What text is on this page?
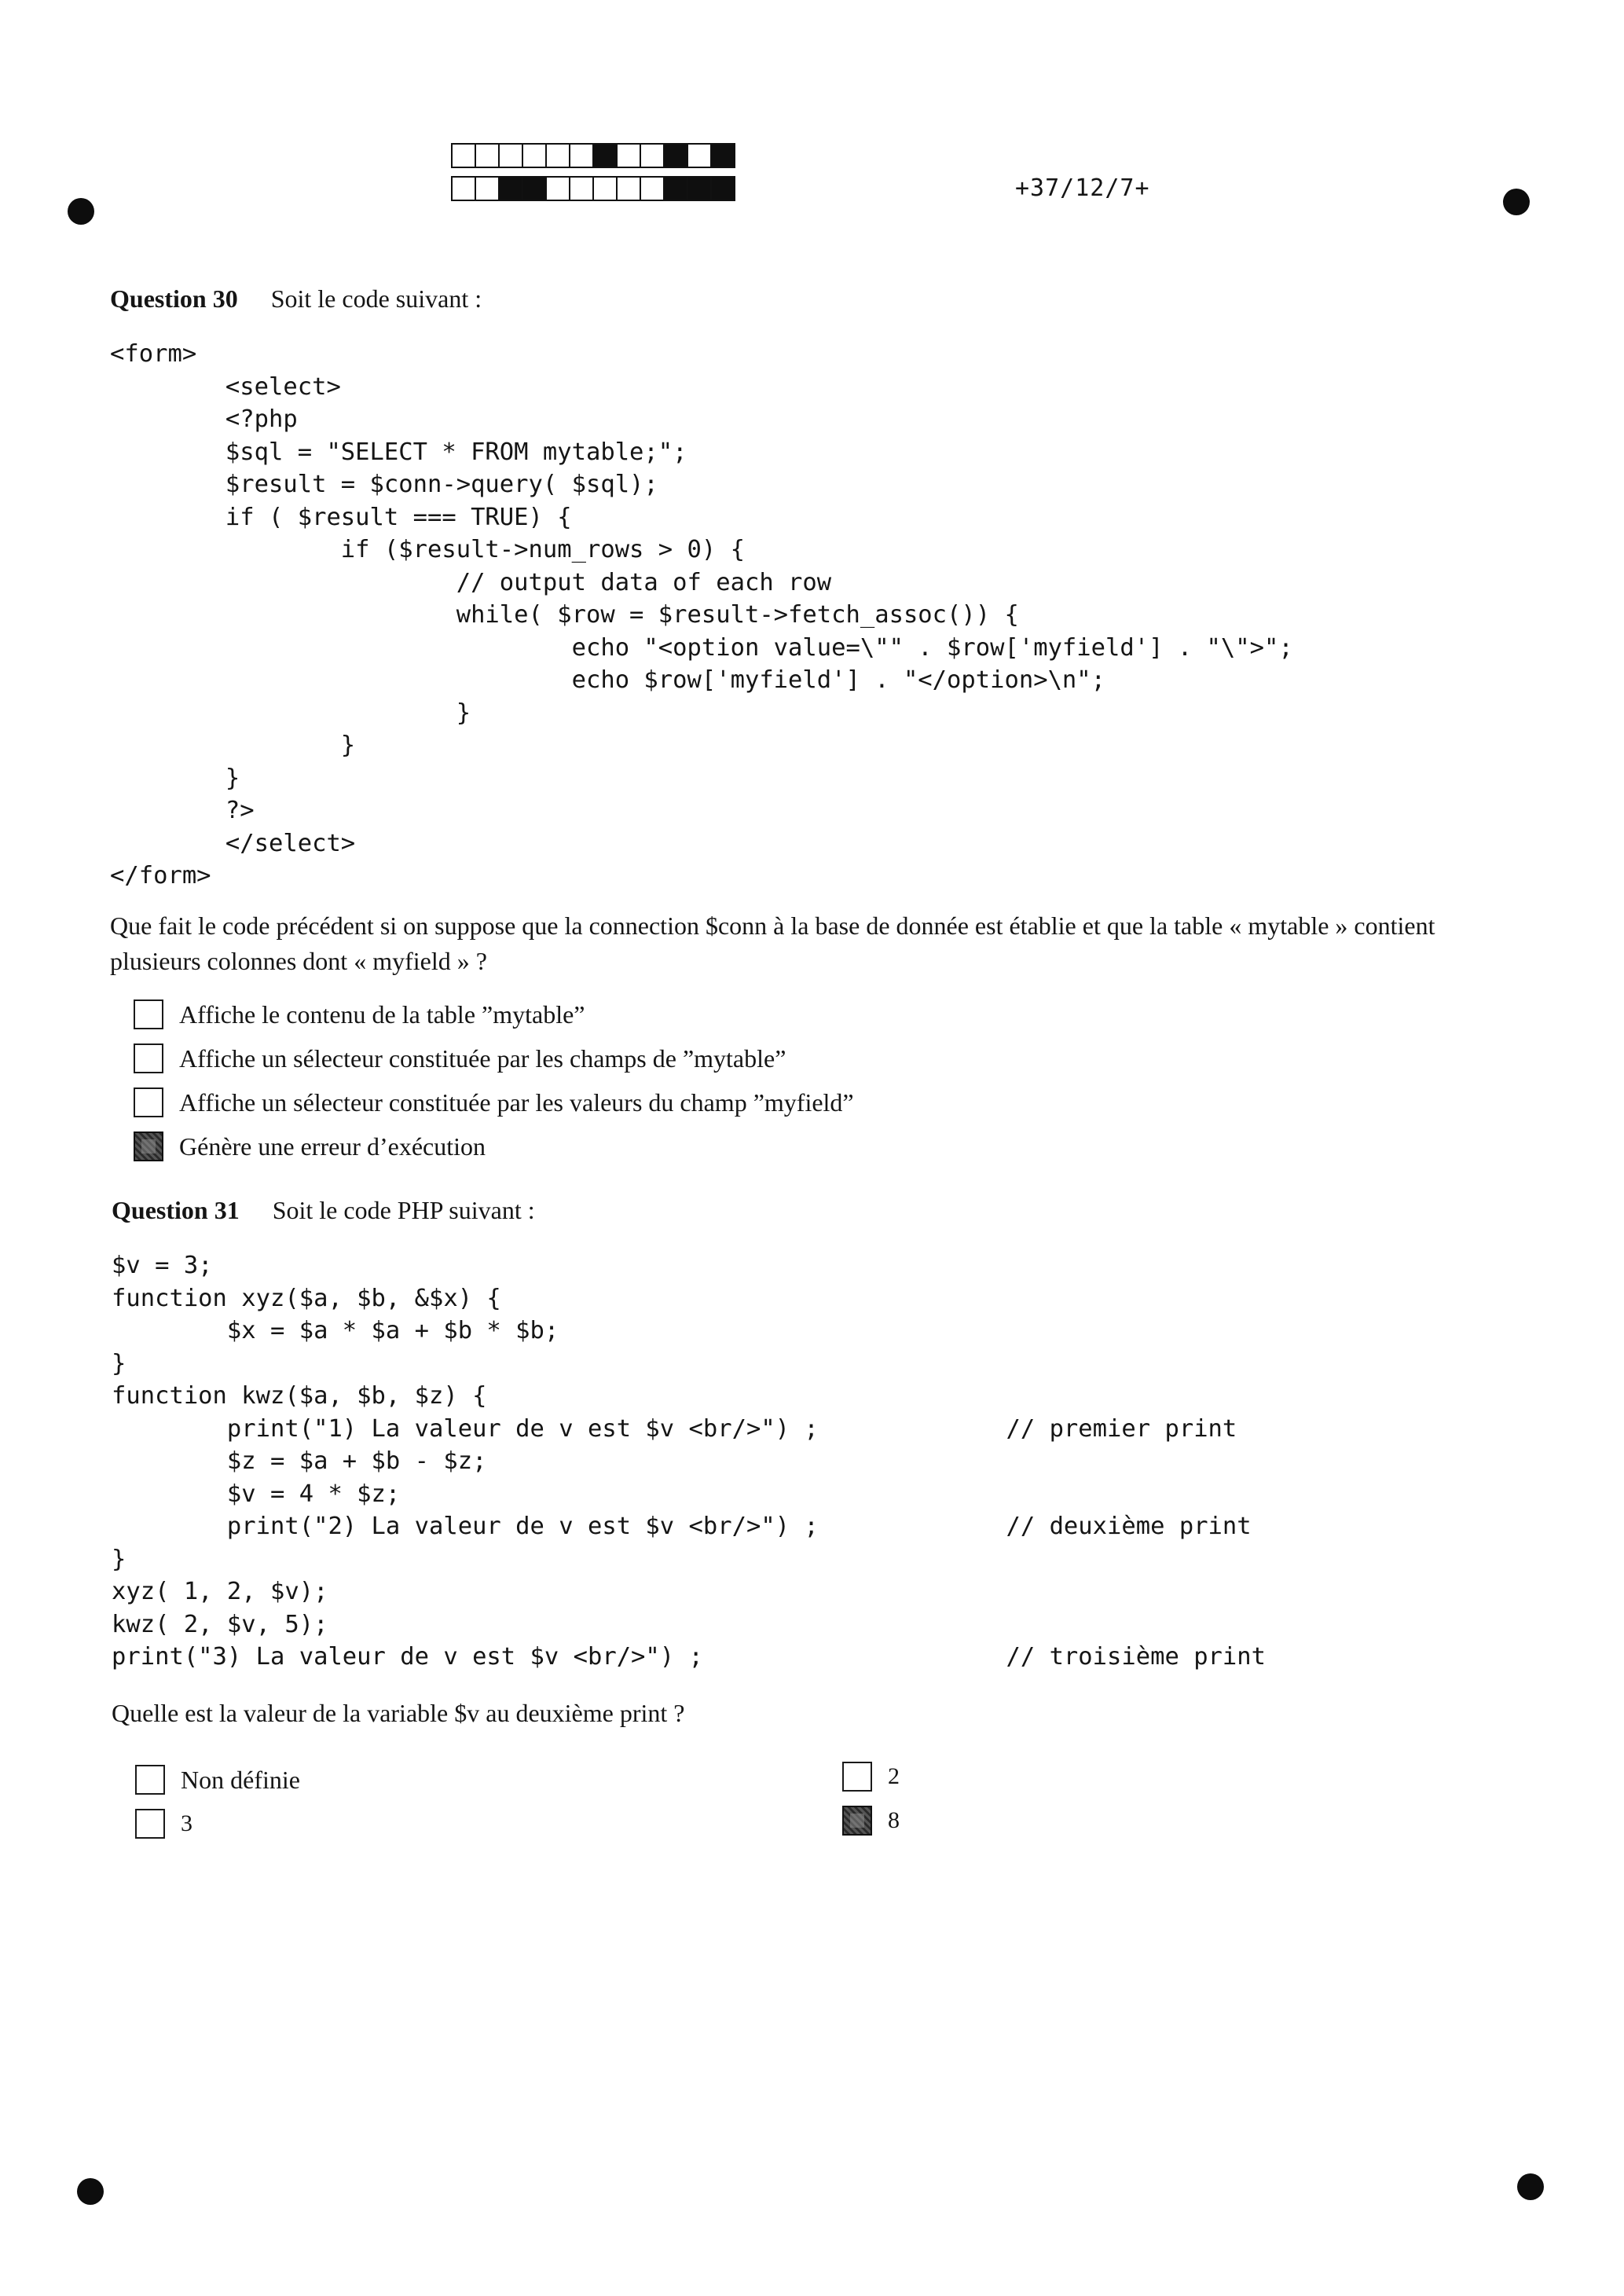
+37/12/7+
Question 30 Soit le code suivant :
<form>
<select>
<?php
$sql = "SELECT * FROM mytable;";
$result = $conn->query( $sql);
if ( $result === TRUE) {
if ($result->num_rows > 0) {
// output data of each row
while( $row = $result->fetch_assoc()) {
echo "<option value=\"" . $row['myfield'] . "\">";
echo $row['myfield'] . "</option>\n";
}
}
}
?>
</select>
</form>
Que fait le code précédent si on suppose que la connection $conn à la base de donnée est établie et que la table « mytable » contient plusieurs colonnes dont « myfield » ?
Affiche le contenu de la table ”mytable”
Affiche un sélecteur constituée par les champs de ”mytable”
Affiche un sélecteur constituée par les valeurs du champ ”myfield”
Génère une erreur d’exécution
Question 31 Soit le code PHP suivant :
$v = 3;
function xyz($a, $b, &$x) {
$x = $a * $a + $b * $b;
}
function kwz($a, $b, $z) {
print("1) La valeur de v est $v <br/>") ;             // premier print
$z = $a + $b - $z;
$v = 4 * $z;
print("2) La valeur de v est $v <br/>") ;             // deuxième print
}
xyz( 1, 2, $v);
kwz( 2, $v, 5);
print("3) La valeur de v est $v <br/>") ;                     // troisième print
Quelle est la valeur de la variable $v au deuxième print ?
Non définie
3
2
8
